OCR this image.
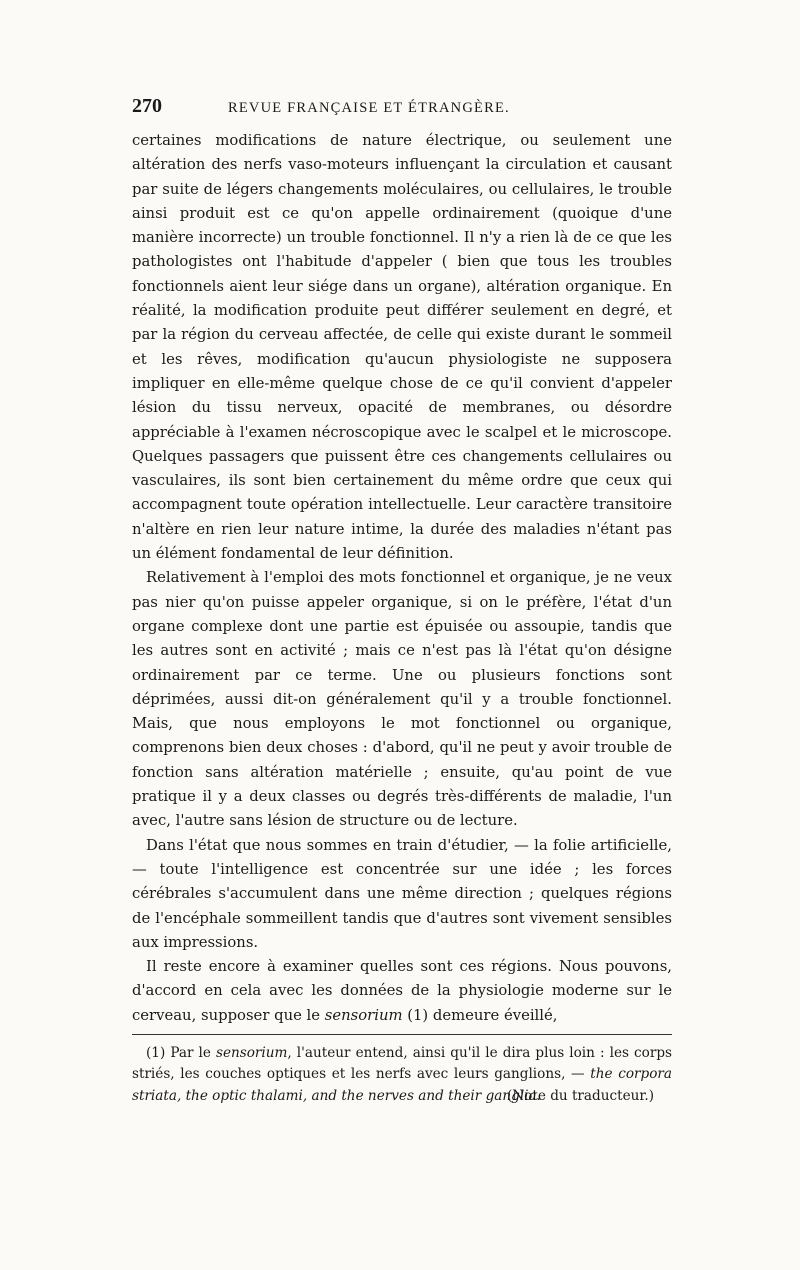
270	REVUE FRANÇAISE ET ÉTRANGÈRE.

certaines modifications de nature électrique, ou seulement une altération des nerfs vaso-moteurs influençant la circulation et causant par suite de légers changements moléculaires, ou cellulaires, le trouble ainsi produit est ce qu'on appelle ordinairement (quoique d'une manière incorrecte) un trouble fonctionnel. Il n'y a rien là de ce que les pathologistes ont l'habitude d'appeler ( bien que tous les troubles fonctionnels aient leur siége dans un organe), altération organique. En réalité, la modification produite peut différer seulement en degré, et par la région du cerveau affectée, de celle qui existe durant le sommeil et les rêves, modification qu'aucun physiologiste ne supposera impliquer en elle-même quelque chose de ce qu'il convient d'appeler lésion du tissu nerveux, opacité de membranes, ou désordre appréciable à l'examen nécroscopique avec le scalpel et le microscope. Quelques passagers que puissent être ces changements cellulaires ou vasculaires, ils sont bien certainement du même ordre que ceux qui accompagnent toute opération intellectuelle. Leur caractère transitoire n'altère en rien leur nature intime, la durée des maladies n'étant pas un élément fondamental de leur définition.

Relativement à l'emploi des mots fonctionnel et organique, je ne veux pas nier qu'on puisse appeler organique, si on le préfère, l'état d'un organe complexe dont une partie est épuisée ou assoupie, tandis que les autres sont en activité ; mais ce n'est pas là l'état qu'on désigne ordinairement par ce terme. Une ou plusieurs fonctions sont déprimées, aussi dit-on généralement qu'il y a trouble fonctionnel. Mais, que nous employons le mot fonctionnel ou organique, comprenons bien deux choses : d'abord, qu'il ne peut y avoir trouble de fonction sans altération matérielle ; ensuite, qu'au point de vue pratique il y a deux classes ou degrés très-différents de maladie, l'un avec, l'autre sans lésion de structure ou de lecture.

Dans l'état que nous sommes en train d'étudier, — la folie artificielle, — toute l'intelligence est concentrée sur une idée ; les forces cérébrales s'accumulent dans une même direction ; quelques régions de l'encéphale sommeillent tandis que d'autres sont vivement sensibles aux impressions.

Il reste encore à examiner quelles sont ces régions. Nous pouvons, d'accord en cela avec les données de la physiologie moderne sur le cerveau, supposer que le sensorium (1) demeure éveillé,

(1) Par le sensorium, l'auteur entend, ainsi qu'il le dira plus loin : les corps striés, les couches optiques et les nerfs avec leurs ganglions, — the corpora striata, the optic thalami, and the nerves and their ganglia.

(Note du traducteur.)
